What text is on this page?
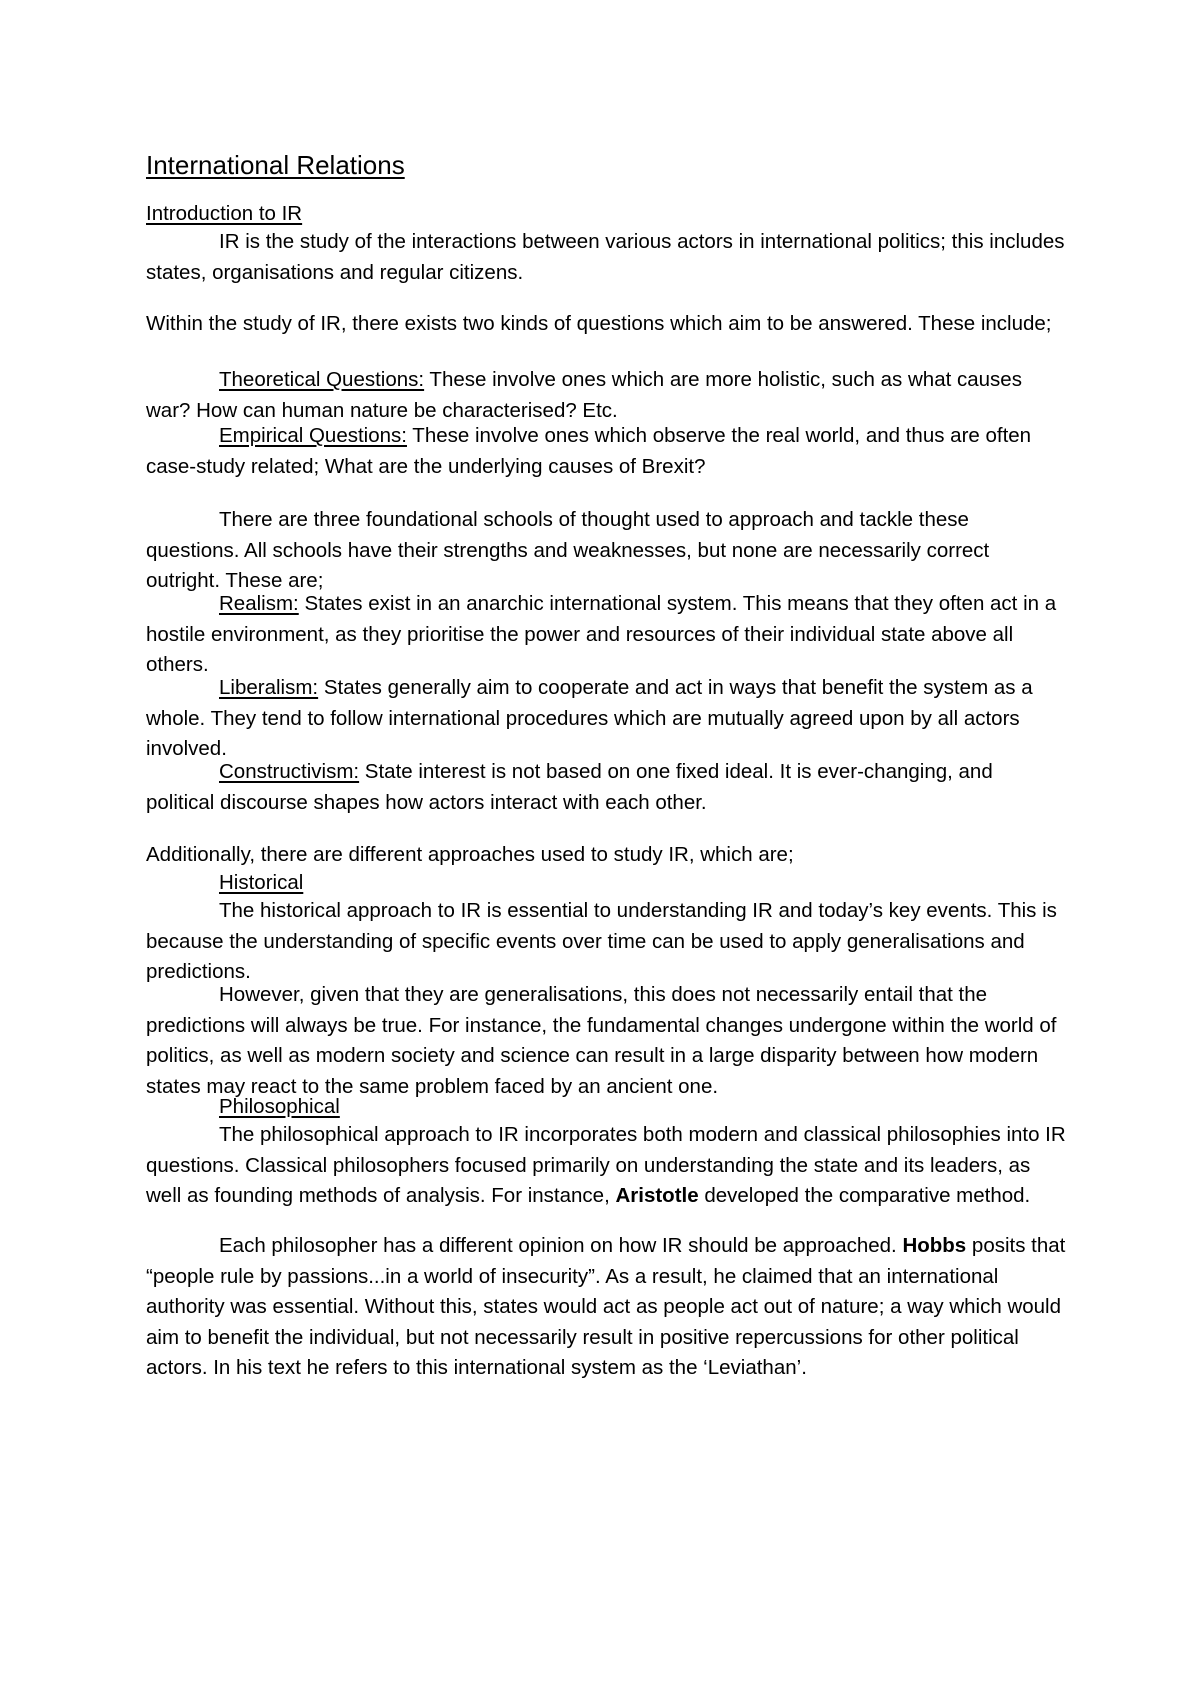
International Relations
Introduction to IR

IR is the study of the interactions between various actors in international politics; this includes states, organisations and regular citizens.

Within the study of IR, there exists two kinds of questions which aim to be answered. These include;

Theoretical Questions: These involve ones which are more holistic, such as what causes war? How can human nature be characterised? Etc.

Empirical Questions: These involve ones which observe the real world, and thus are often case-study related; What are the underlying causes of Brexit?

There are three foundational schools of thought used to approach and tackle these questions. All schools have their strengths and weaknesses, but none are necessarily correct outright. These are;

Realism: States exist in an anarchic international system. This means that they often act in a hostile environment, as they prioritise the power and resources of their individual state above all others.

Liberalism: States generally aim to cooperate and act in ways that benefit the system as a whole. They tend to follow international procedures which are mutually agreed upon by all actors involved.

Constructivism: State interest is not based on one fixed ideal. It is ever-changing, and political discourse shapes how actors interact with each other.

Additionally, there are different approaches used to study IR, which are;

Historical

The historical approach to IR is essential to understanding IR and today’s key events. This is because the understanding of specific events over time can be used to apply generalisations and predictions.

However, given that they are generalisations, this does not necessarily entail that the predictions will always be true. For instance, the fundamental changes undergone within the world of politics, as well as modern society and science can result in a large disparity between how modern states may react to the same problem faced by an ancient one.

Philosophical

The philosophical approach to IR incorporates both modern and classical philosophies into IR questions. Classical philosophers focused primarily on understanding the state and its leaders, as well as founding methods of analysis. For instance, Aristotle developed the comparative method.

Each philosopher has a different opinion on how IR should be approached. Hobbs posits that “people rule by passions...in a world of insecurity”. As a result, he claimed that an international authority was essential. Without this, states would act as people act out of nature; a way which would aim to benefit the individual, but not necessarily result in positive repercussions for other political actors. In his text he refers to this international system as the ‘Leviathan’.
